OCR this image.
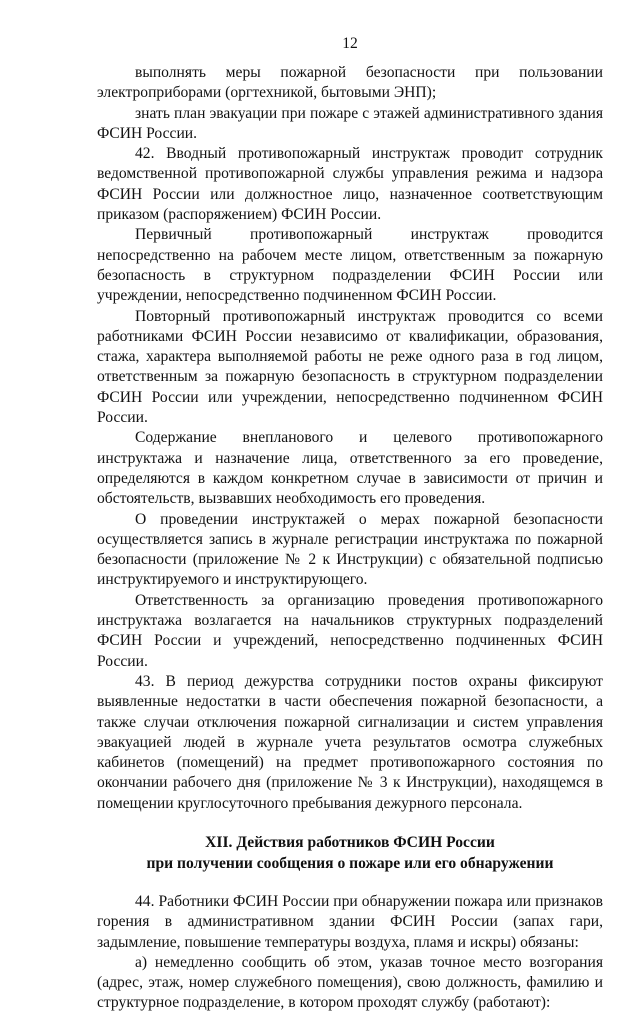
12

выполнять меры пожарной безопасности при пользовании электроприборами (оргтехникой, бытовыми ЭНП);

знать план эвакуации при пожаре с этажей административного здания ФСИН России.

42. Вводный противопожарный инструктаж проводит сотрудник ведомственной противопожарной службы управления режима и надзора ФСИН России или должностное лицо, назначенное соответствующим приказом (распоряжением) ФСИН России.

Первичный противопожарный инструктаж проводится непосредственно на рабочем месте лицом, ответственным за пожарную безопасность в структурном подразделении ФСИН России или учреждении, непосредственно подчиненном ФСИН России.

Повторный противопожарный инструктаж проводится со всеми работниками ФСИН России независимо от квалификации, образования, стажа, характера выполняемой работы не реже одного раза в год лицом, ответственным за пожарную безопасность в структурном подразделении ФСИН России или учреждении, непосредственно подчиненном ФСИН России.

Содержание внепланового и целевого противопожарного инструктажа и назначение лица, ответственного за его проведение, определяются в каждом конкретном случае в зависимости от причин и обстоятельств, вызвавших необходимость его проведения.

О проведении инструктажей о мерах пожарной безопасности осуществляется запись в журнале регистрации инструктажа по пожарной безопасности (приложение № 2 к Инструкции) с обязательной подписью инструктируемого и инструктирующего.

Ответственность за организацию проведения противопожарного инструктажа возлагается на начальников структурных подразделений ФСИН России и учреждений, непосредственно подчиненных ФСИН России.

43. В период дежурства сотрудники постов охраны фиксируют выявленные недостатки в части обеспечения пожарной безопасности, а также случаи отключения пожарной сигнализации и систем управления эвакуацией людей в журнале учета результатов осмотра служебных кабинетов (помещений) на предмет противопожарного состояния по окончании рабочего дня (приложение № 3 к Инструкции), находящемся в помещении круглосуточного пребывания дежурного персонала.

XII. Действия работников ФСИН России
при получении сообщения о пожаре или его обнаружении

44. Работники ФСИН России при обнаружении пожара или признаков горения в административном здании ФСИН России (запах гари, задымление, повышение температуры воздуха, пламя и искры) обязаны:

а) немедленно сообщить об этом, указав точное место возгорания (адрес, этаж, номер служебного помещения), свою должность, фамилию и структурное подразделение, в котором проходят службу (работают):
